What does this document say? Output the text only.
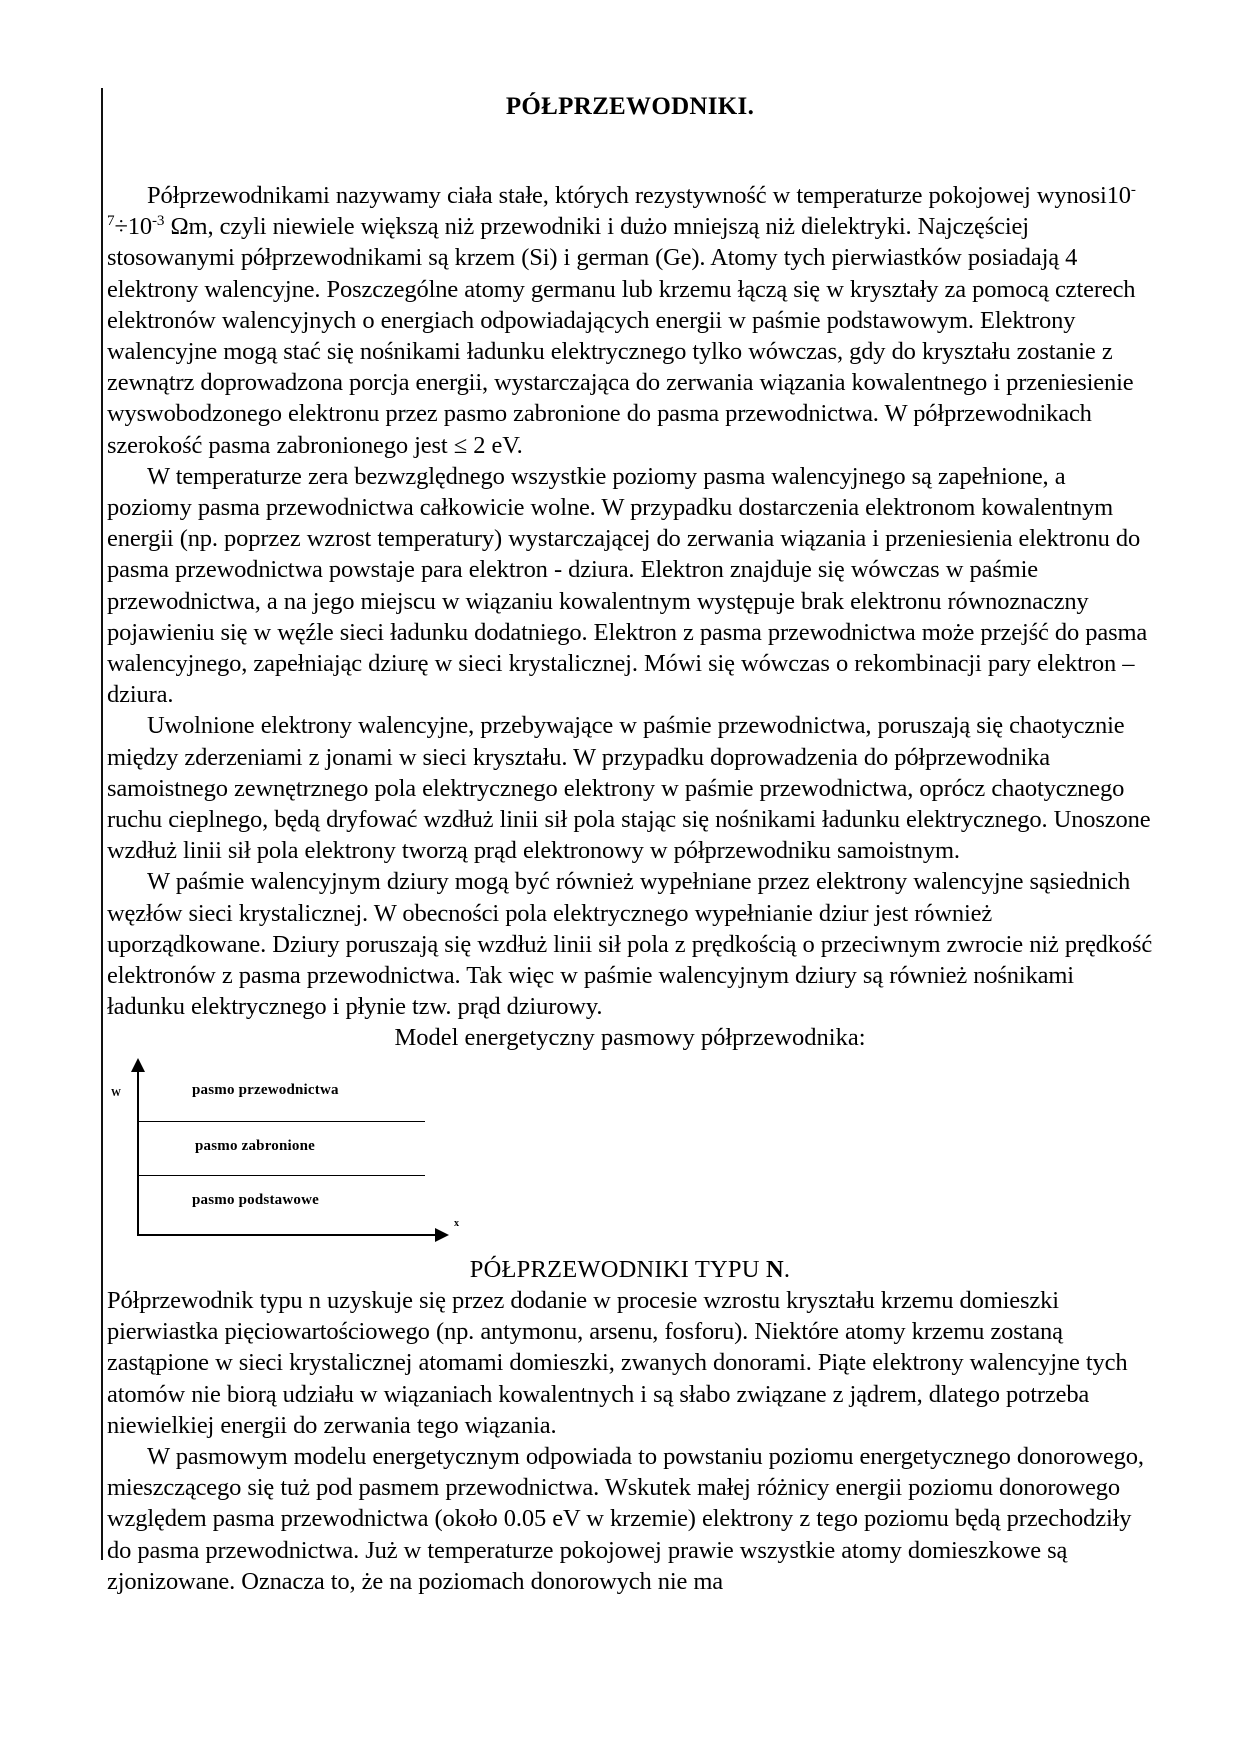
PÓŁPRZEWODNIKI.

Półprzewodnikami nazywamy ciała stałe, których rezystywność w temperaturze pokojowej $wynosi10^{-7}\div 10^{-3}$ Ωm, czyli niewiele większą niż przewodniki i dużo mniejszą niż dielektryki. Najczęściej stosowanymi półprzewodnikami są krzem (Si) i german (Ge). Atomy tych pierwiastków posiadają 4 elektrony walencyjne. Poszczególne atomy germanu lub krzemu łączą się w kryształy za pomocą czterech elektronów walencyjnych o energiach odpowiadających energii w paśmie podstawowym. Elektrony walencyjne mogą stać się nośnikami ładunku elektrycznego tylko wówczas, gdy do kryształu zostanie z zewnątrz doprowadzona porcja energii, wystarczająca do zerwania wiązania kowalentnego i przeniesienie wyswobodzonego elektronu przez pasmo zabronione do pasma przewodnictwa. W półprzewodnikach szerokość pasma zabronionego jest ≤ 2 eV.

W temperaturze zera bezwzględnego wszystkie poziomy pasma walencyjnego są zapełnione, a poziomy pasma przewodnictwa całkowicie wolne. W przypadku dostarczenia elektronom kowalentnym energii (np. poprzez wzrost temperatury) wystarczającej do zerwania wiązania i przeniesienia elektronu do pasma przewodnictwa powstaje para elektron - dziura. Elektron znajduje się wówczas w paśmie przewodnictwa, a na jego miejscu w wiązaniu kowalentnym występuje brak elektronu równoznaczny pojawieniu się w węźle sieci ładunku dodatniego. Elektron z pasma przewodnictwa może przejść do pasma walencyjnego, zapełniając dziurę w sieci krystalicznej. Mówi się wówczas o rekombinacji pary elektron – dziura.

Uwolnione elektrony walencyjne, przebywające w paśmie przewodnictwa, poruszają się chaotycznie między zderzeniami z jonami w sieci kryształu. W przypadku doprowadzenia do półprzewodnika samoistnego zewnętrznego pola elektrycznego elektrony w paśmie przewodnictwa, oprócz chaotycznego ruchu cieplnego, będą dryfować wzdłuż linii sił pola stając się nośnikami ładunku elektrycznego. Unoszone wzdłuż linii sił pola elektrony tworzą prąd elektronowy w półprzewodniku samoistnym.

W paśmie walencyjnym dziury mogą być również wypełniane przez elektrony walencyjne sąsiednich węzłów sieci krystalicznej. W obecności pola elektrycznego wypełnianie dziur jest również uporządkowane. Dziury poruszają się wzdłuż linii sił pola z prędkością o przeciwnym zwrocie niż prędkość elektronów z pasma przewodnictwa. Tak więc w paśmie walencyjnym dziury są również nośnikami ładunku elektrycznego i płynie tzw. prąd dziurowy.

Model energetyczny pasmowy półprzewodnika:

pasmo przewodnictwa
pasmo zabronione
pasmo podstawowe
W
x
PÓŁPRZEWODNIKI TYPU N.

Półprzewodnik typu n uzyskuje się przez dodanie w procesie wzrostu kryształu krzemu domieszki pierwiastka pięciowartościowego (np. antymonu, arsenu, fosforu). Niektóre atomy krzemu zostaną zastąpione w sieci krystalicznej atomami domieszki, zwanych donorami. Piąte elektrony walencyjne tych atomów nie biorą udziału w wiązaniach kowalentnych i są słabo związane z jądrem, dlatego potrzeba niewielkiej energii do zerwania tego wiązania.

W pasmowym modelu energetycznym odpowiada to powstaniu poziomu energetycznego donorowego, mieszczącego się tuż pod pasmem przewodnictwa. Wskutek małej różnicy energii poziomu donorowego względem pasma przewodnictwa (około 0.05 eV w krzemie) elektrony z tego poziomu będą przechodziły do pasma przewodnictwa. Już w temperaturze pokojowej prawie wszystkie atomy domieszkowe są zjonizowane. Oznacza to, że na poziomach donorowych nie ma
